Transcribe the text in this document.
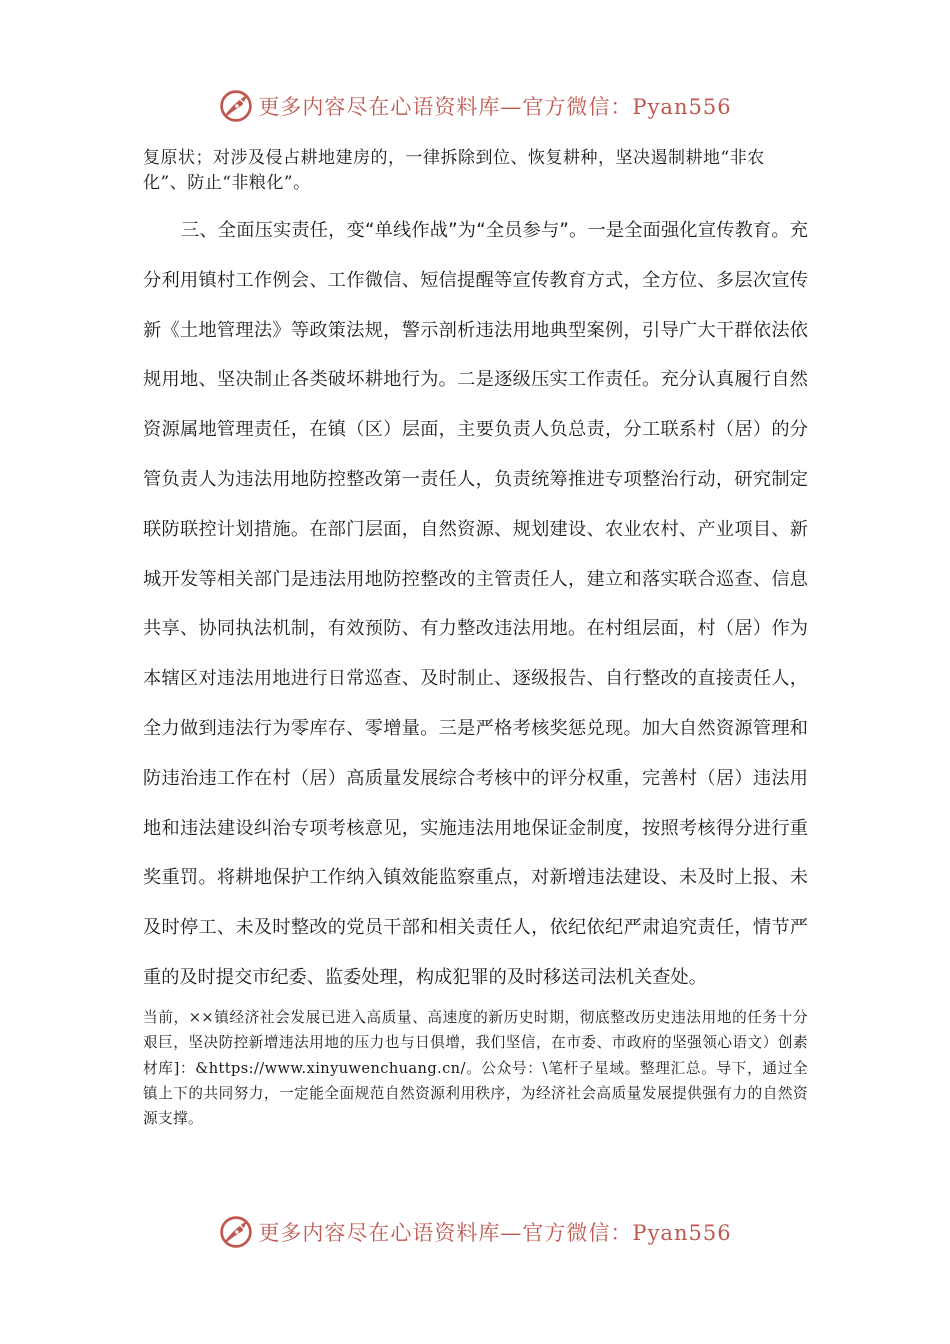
更多内容尽在心语资料库—官方微信：Pyan556

复原状；对涉及侵占耕地建房的，一律拆除到位、恢复耕种，坚决遏制耕地“非农化”、防止“非粮化”。

三、全面压实责任，变“单线作战”为“全员参与”。一是全面强化宣传教育。充分利用镇村工作例会、工作微信、短信提醒等宣传教育方式，全方位、多层次宣传新《土地管理法》等政策法规，警示剖析违法用地典型案例，引导广大干群依法依规用地、坚决制止各类破坏耕地行为。二是逐级压实工作责任。充分认真履行自然资源属地管理责任，在镇（区）层面，主要负责人负总责，分工联系村（居）的分管负责人为违法用地防控整改第一责任人，负责统筹推进专项整治行动，研究制定联防联控计划措施。在部门层面，自然资源、规划建设、农业农村、产业项目、新城开发等相关部门是违法用地防控整改的主管责任人，建立和落实联合巡查、信息共享、协同执法机制，有效预防、有力整改违法用地。在村组层面，村（居）作为本辖区对违法用地进行日常巡查、及时制止、逐级报告、自行整改的直接责任人，全力做到违法行为零库存、零增量。三是严格考核奖惩兑现。加大自然资源管理和防违治违工作在村（居）高质量发展综合考核中的评分权重，完善村（居）违法用地和违法建设纠治专项考核意见，实施违法用地保证金制度，按照考核得分进行重奖重罚。将耕地保护工作纳入镇效能监察重点，对新增违法建设、未及时上报、未及时停工、未及时整改的党员干部和相关责任人，依纪依纪严肃追究责任，情节严重的及时提交市纪委、监委处理，构成犯罪的及时移送司法机关查处。

当前，××镇经济社会发展已进入高质量、高速度的新历史时期，彻底整改历史违法用地的任务十分艰巨，坚决防控新增违法用地的压力也与日俱增，我们坚信，在市委、市政府的坚强领心语文）创素材库]：&https://www.xinyuwenchuang.cn/。公众号：\笔杆子星域。整理汇总。导下，通过全镇上下的共同努力，一定能全面规范自然资源利用秩序，为经济社会高质量发展提供强有力的自然资源支撑。

更多内容尽在心语资料库—官方微信：Pyan556
